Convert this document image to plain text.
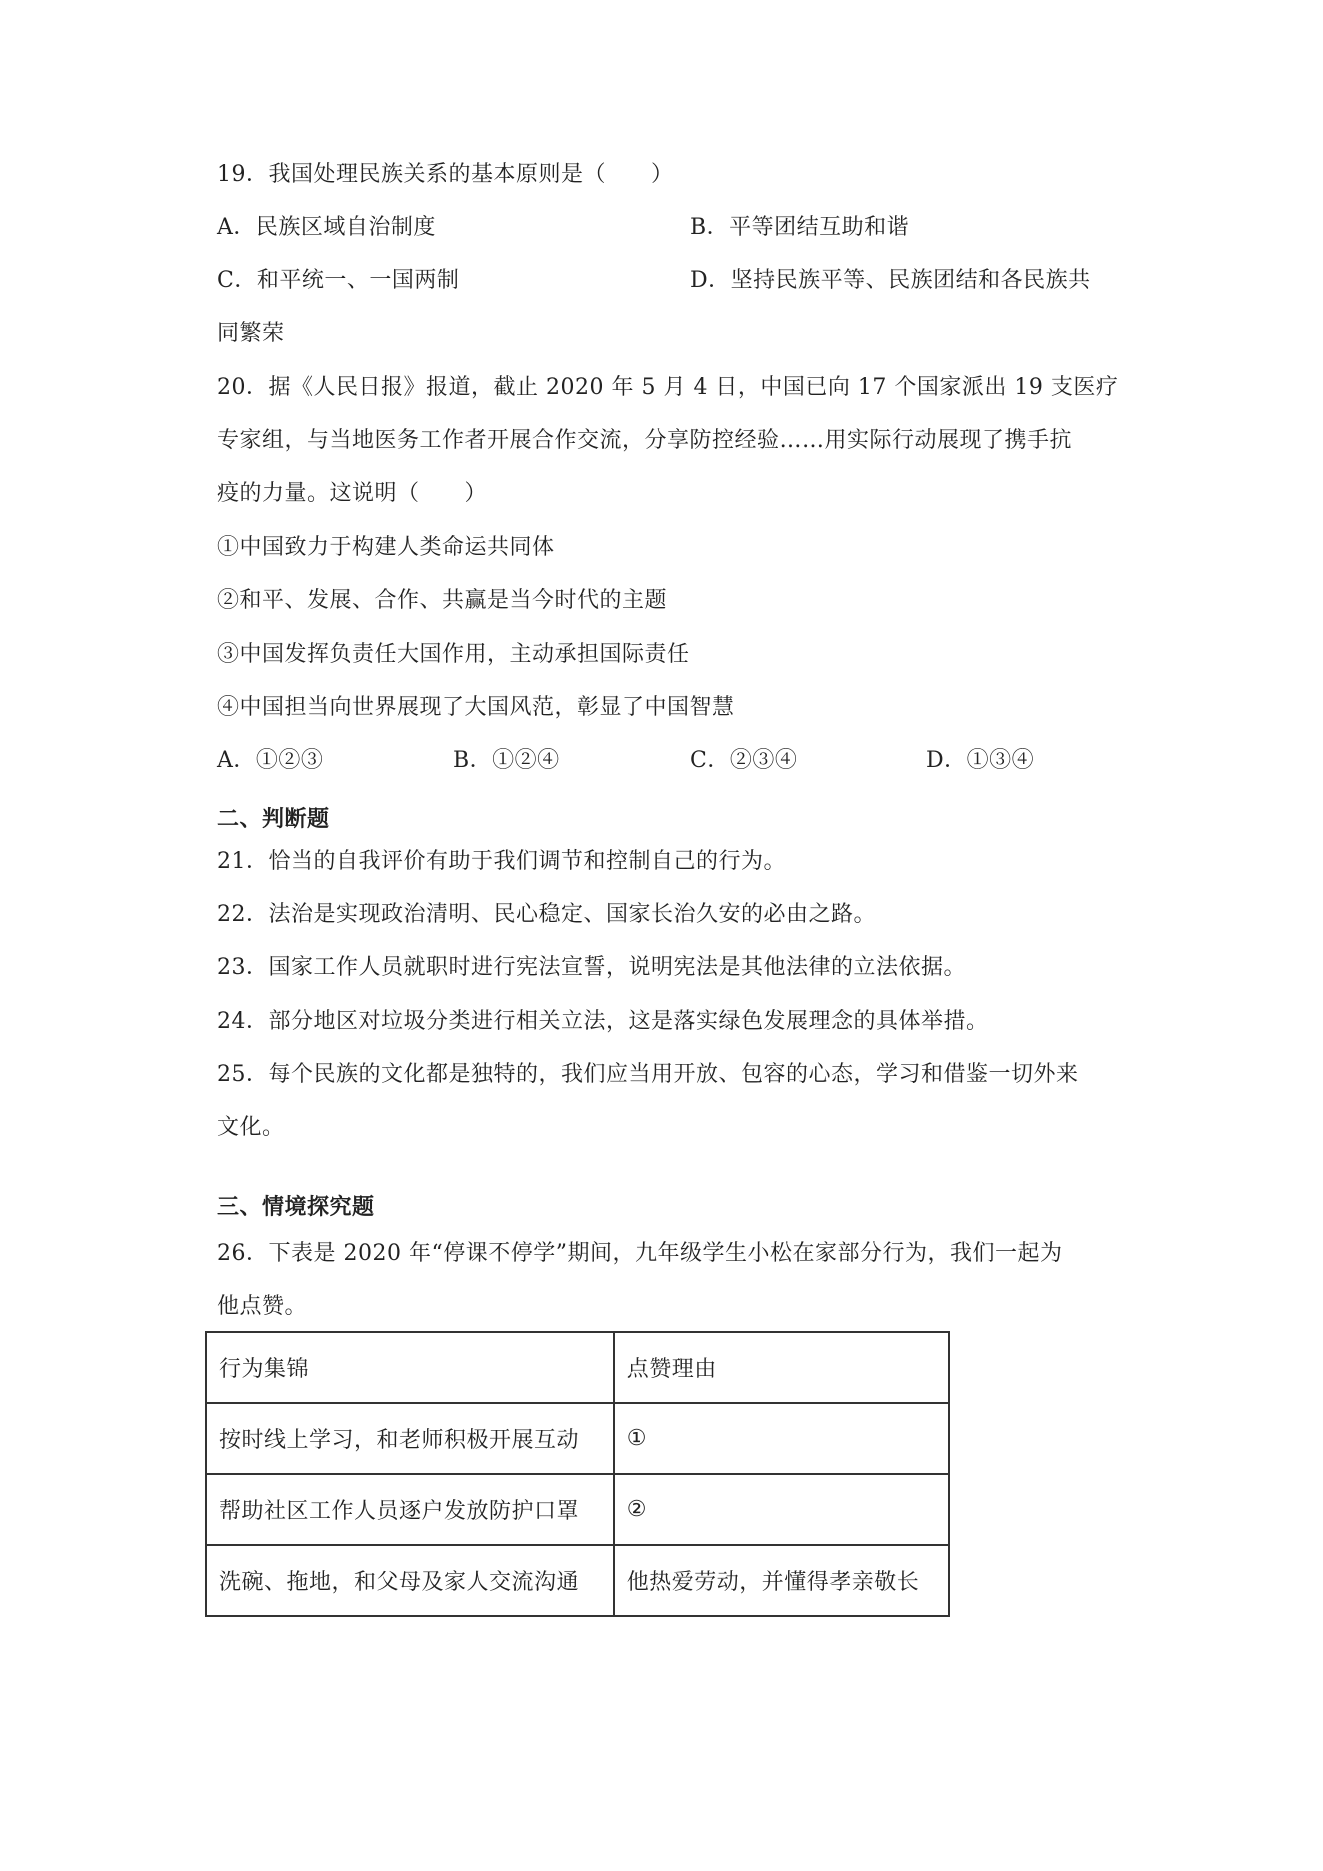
19．我国处理民族关系的基本原则是（　　）
A．民族区域自治制度	B．平等团结互助和谐
C．和平统一、一国两制	D．坚持民族平等、民族团结和各民族共
同繁荣
20．据《人民日报》报道，截止 2020 年 5 月 4 日，中国已向 17 个国家派出 19 支医疗
专家组，与当地医务工作者开展合作交流，分享防控经验……用实际行动展现了携手抗
疫的力量。这说明（　　）
①中国致力于构建人类命运共同体
②和平、发展、合作、共赢是当今时代的主题
③中国发挥负责任大国作用，主动承担国际责任
④中国担当向世界展现了大国风范，彰显了中国智慧
A．①②③	B．①②④	C．②③④	D．①③④
二、判断题
21．恰当的自我评价有助于我们调节和控制自己的行为。
22．法治是实现政治清明、民心稳定、国家长治久安的必由之路。
23．国家工作人员就职时进行宪法宣誓，说明宪法是其他法律的立法依据。
24．部分地区对垃圾分类进行相关立法，这是落实绿色发展理念的具体举措。
25．每个民族的文化都是独特的，我们应当用开放、包容的心态，学习和借鉴一切外来
文化。
三、情境探究题
26．下表是 2020 年“停课不停学”期间，九年级学生小松在家部分行为，我们一起为
他点赞。
行为集锦	点赞理由
按时线上学习，和老师积极开展互动	①
帮助社区工作人员逐户发放防护口罩	②
洗碗、拖地，和父母及家人交流沟通	他热爱劳动，并懂得孝亲敬长
